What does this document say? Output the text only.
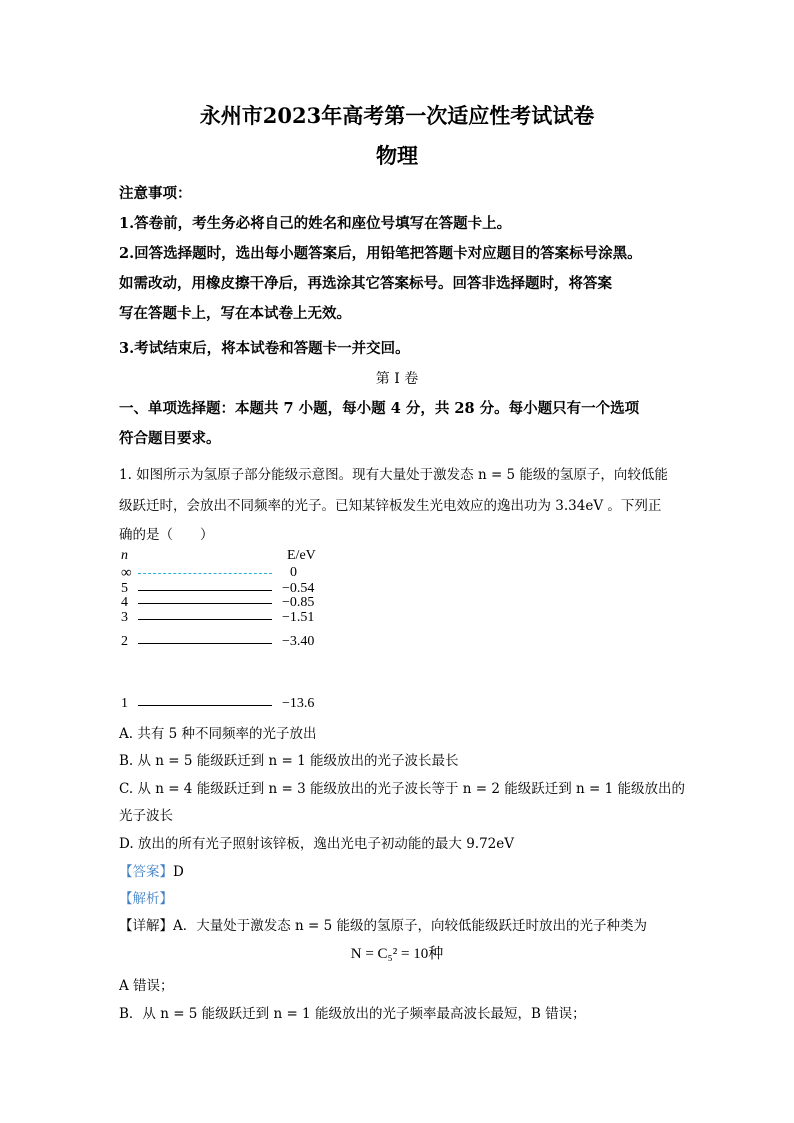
永州市2023年高考第一次适应性考试试卷
物理
注意事项：
1.答卷前，考生务必将自己的姓名和座位号填写在答题卡上。
2.回答选择题时，选出每小题答案后，用铅笔把答题卡对应题目的答案标号涂黑。
如需改动，用橡皮擦干净后，再选涂其它答案标号。回答非选择题时，将答案
写在答题卡上，写在本试卷上无效。
3.考试结束后，将本试卷和答题卡一并交回。
第 I 卷
一、单项选择题：本题共 7 小题，每小题 4 分，共 28 分。每小题只有一个选项
符合题目要求。
1. 如图所示为氢原子部分能级示意图。现有大量处于激发态 n = 5 能级的氢原子，向较低能
级跃迁时，会放出不同频率的光子。已知某锌板发生光电效应的逸出功为 3.34eV 。下列正
确的是（　　）
n	E/eV
∞	0
5	−0.54
4	−0.85
3	−1.51
2	−3.40
1	−13.6
A. 共有 5 种不同频率的光子放出
B. 从 n = 5 能级跃迁到 n = 1 能级放出的光子波长最长
C. 从 n = 4 能级跃迁到 n = 3 能级放出的光子波长等于 n = 2 能级跃迁到 n = 1 能级放出的
光子波长
D. 放出的所有光子照射该锌板，逸出光电子初动能的最大 9.72eV
【答案】D
【解析】
【详解】A．大量处于激发态 n = 5 能级的氢原子，向较低能级跃迁时放出的光子种类为
N = C₅² = 10种
A 错误；
B．从 n = 5 能级跃迁到 n = 1 能级放出的光子频率最高波长最短，B 错误；
